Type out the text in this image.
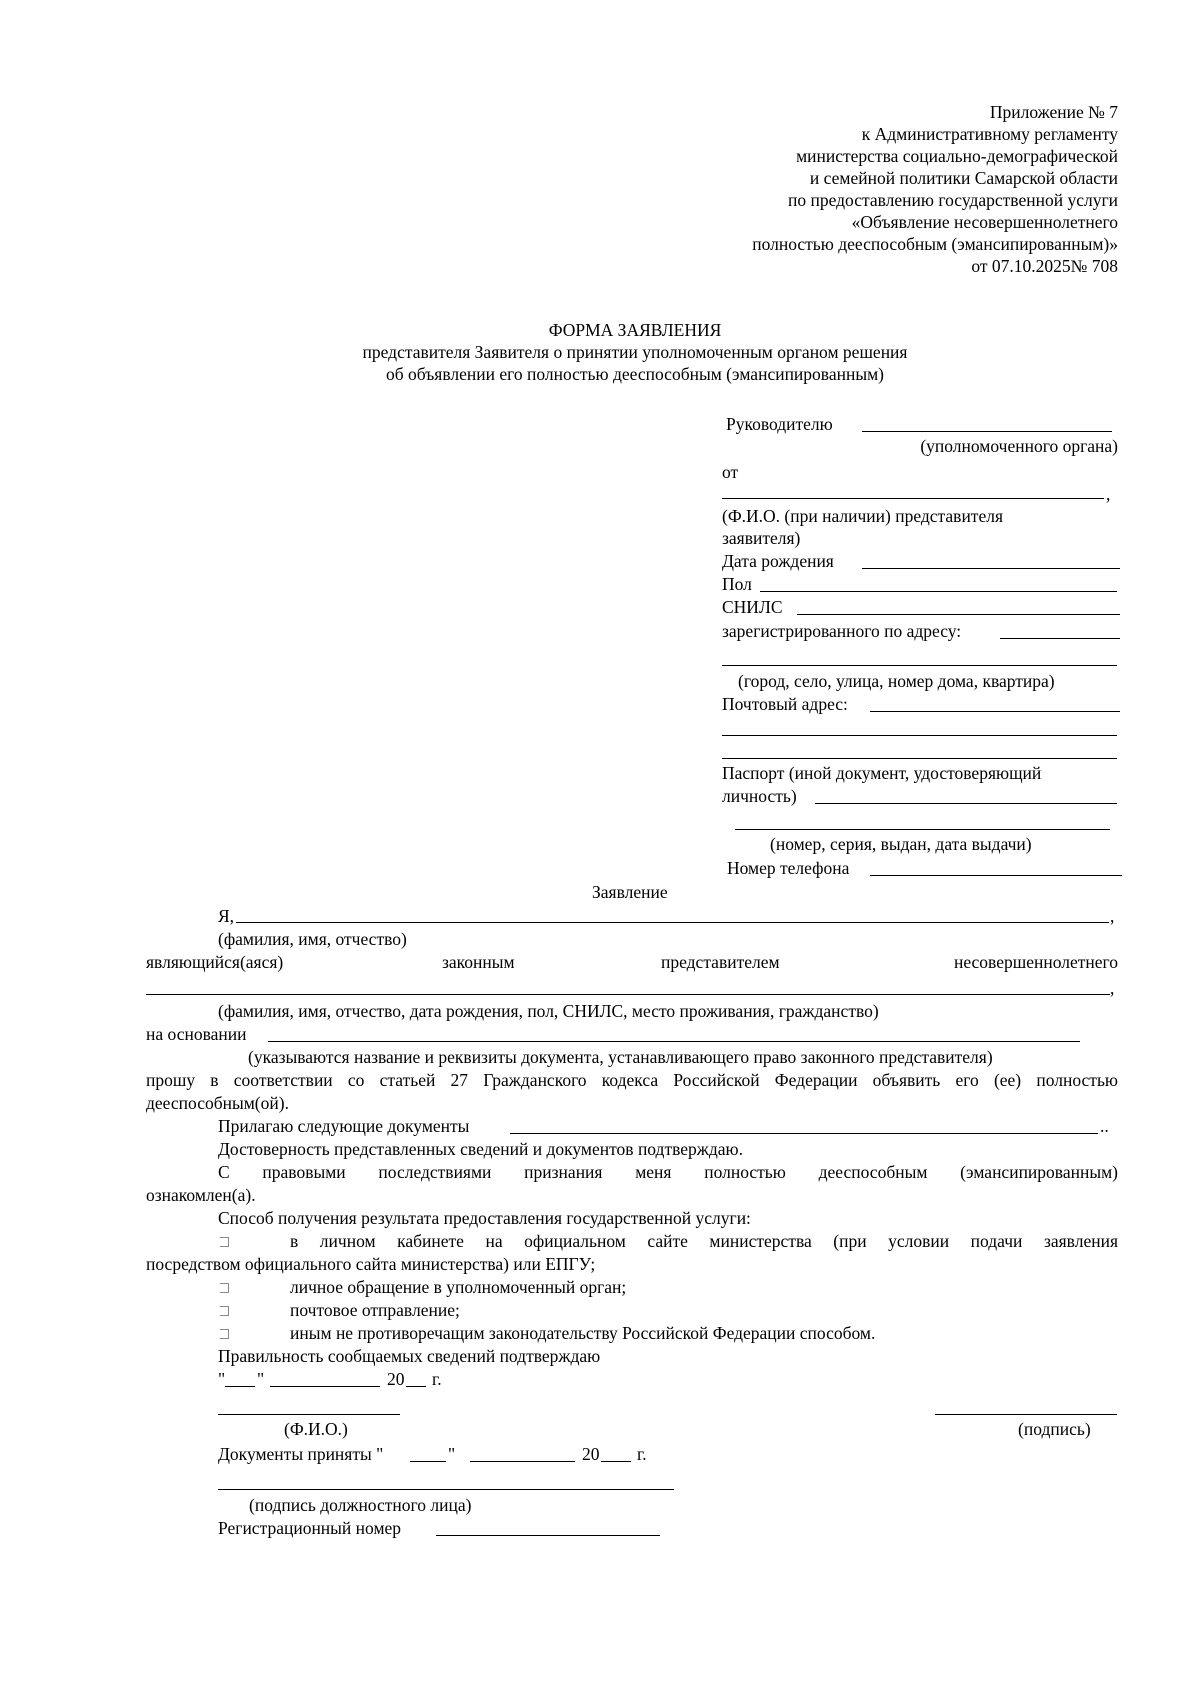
Приложение № 7
к Административному регламенту
министерства социально-демографической
и семейной политики Самарской области
по предоставлению государственной услуги
«Объявление несовершеннолетнего
полностью дееспособным (эмансипированным)»
от 07.10.2025№ 708
ФОРМА ЗАЯВЛЕНИЯ
представителя Заявителя о принятии уполномоченным органом решения
об объявлении его полностью дееспособным (эмансипированным)
Руководителю
(уполномоченного органа)
от
,
(Ф.И.О. (при наличии) представителя
заявителя)
Дата рождения
Пол
СНИЛС
зарегистрированного по адресу:
(город, село, улица, номер дома, квартира)
Почтовый адрес:
Паспорт (иной документ, удостоверяющий
личность)
(номер, серия, выдан, дата выдачи)
Номер телефона
Заявление
Я,	,
(фамилия, имя, отчество)
являющийся(аяся)	законным	представителем	несовершеннолетнего
,
(фамилия, имя, отчество, дата рождения, пол, СНИЛС, место проживания, гражданство)
на основании
(указываются название и реквизиты документа, устанавливающего право законного представителя)
прошу в соответствии со статьей 27 Гражданского кодекса Российской Федерации объявить его (ее) полностью
дееспособным(ой).
Прилагаю следующие документы	..
Достоверность представленных сведений и документов подтверждаю.
С правовыми последствиями признания меня полностью дееспособным (эмансипированным)
ознакомлен(а).
Способ получения результата предоставления государственной услуги:
в личном кабинете на официальном сайте министерства (при условии подачи заявления
посредством официального сайта министерства) или ЕПГУ;
личное обращение в уполномоченный орган;
почтовое отправление;
иным не противоречащим законодательству Российской Федерации способом.
Правильность сообщаемых сведений подтверждаю
" "	20 г.
(Ф.И.О.)	(подпись)
Документы приняты "	"	20 г.
(подпись должностного лица)
Регистрационный номер
